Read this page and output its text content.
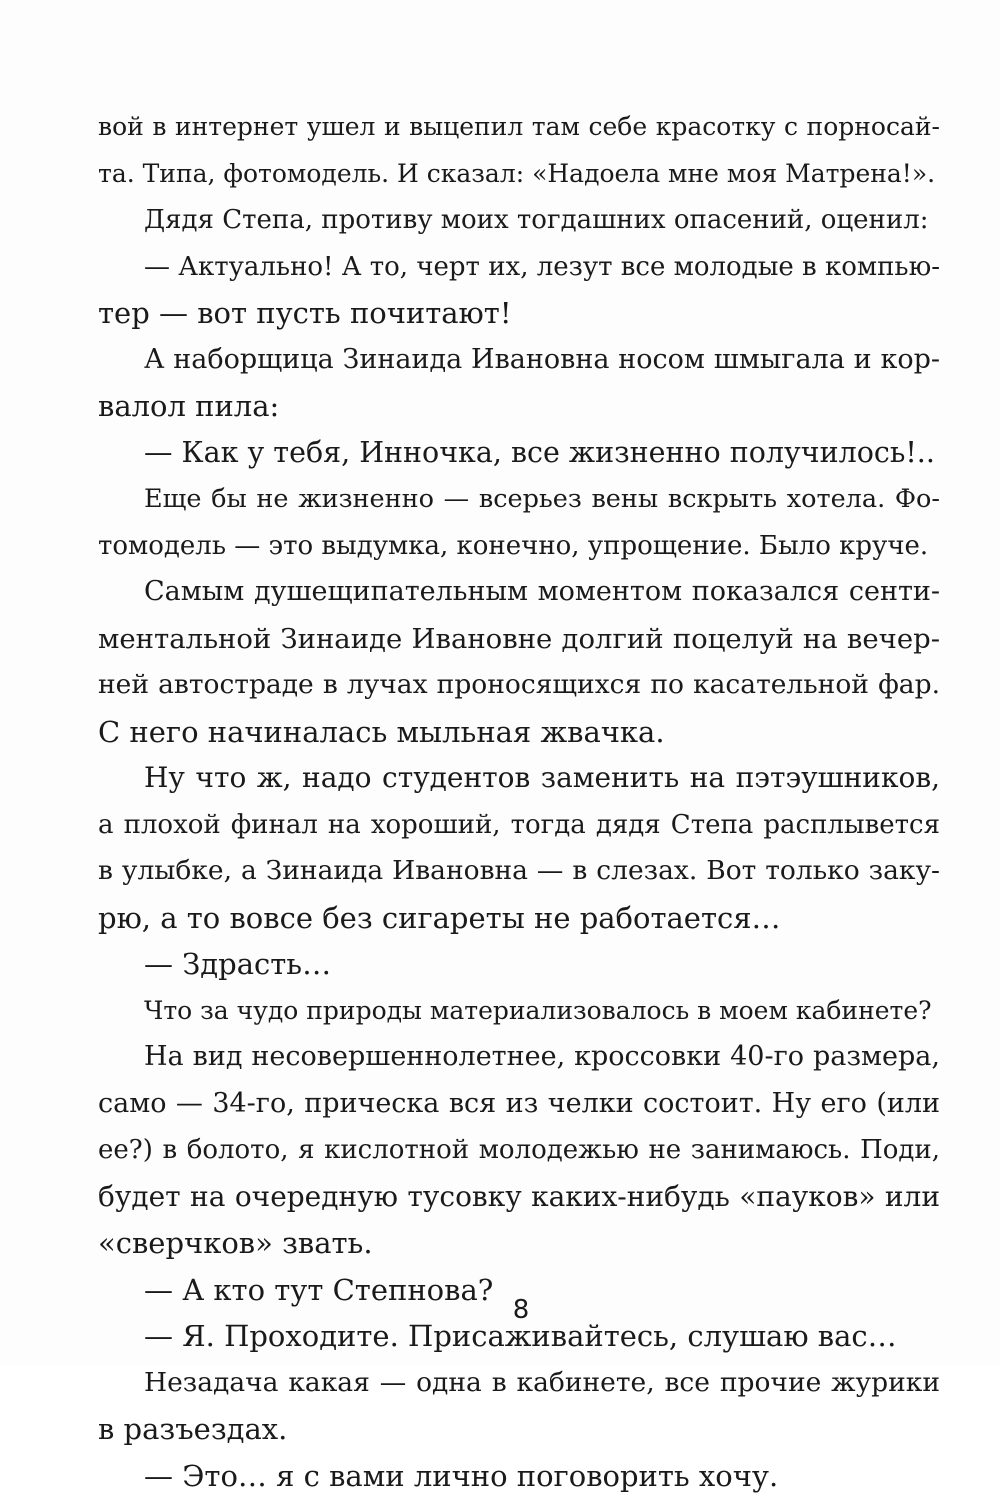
вой в интернет ушел и выцепил там себе красотку с порносай-
та. Типа, фотомодель. И сказал: «Надоела мне моя Матрена!».
Дядя Степа, противу моих тогдашних опасений, оценил:
— Актуально! А то, черт их, лезут все молодые в компью-
тер — вот пусть почитают!
А наборщица Зинаида Ивановна носом шмыгала и кор-
валол пила:
— Как у тебя, Инночка, все жизненно получилось!..
Еще бы не жизненно — всерьез вены вскрыть хотела. Фо-
томодель — это выдумка, конечно, упрощение. Было круче.
Самым душещипательным моментом показался сенти-
ментальной Зинаиде Ивановне долгий поцелуй на вечер-
ней автостраде в лучах проносящихся по касательной фар.
С него начиналась мыльная жвачка.
Ну что ж, надо студентов заменить на пэтэушников,
а плохой финал на хороший, тогда дядя Степа расплывется
в улыбке, а Зинаида Ивановна — в слезах. Вот только заку-
рю, а то вовсе без сигареты не работается…
— Здрасть…
Что за чудо природы материализовалось в моем кабинете?
На вид несовершеннолетнее, кроссовки 40-го размера,
само — 34-го, прическа вся из челки состоит. Ну его (или
ее?) в болото, я кислотной молодежью не занимаюсь. Поди,
будет на очередную тусовку каких-нибудь «пауков» или
«сверчков» звать.
— А кто тут Степнова?
— Я. Проходите. Присаживайтесь, слушаю вас…
Незадача какая — одна в кабинете, все прочие журики
в разъездах.
— Это… я с вами лично поговорить хочу.
8
